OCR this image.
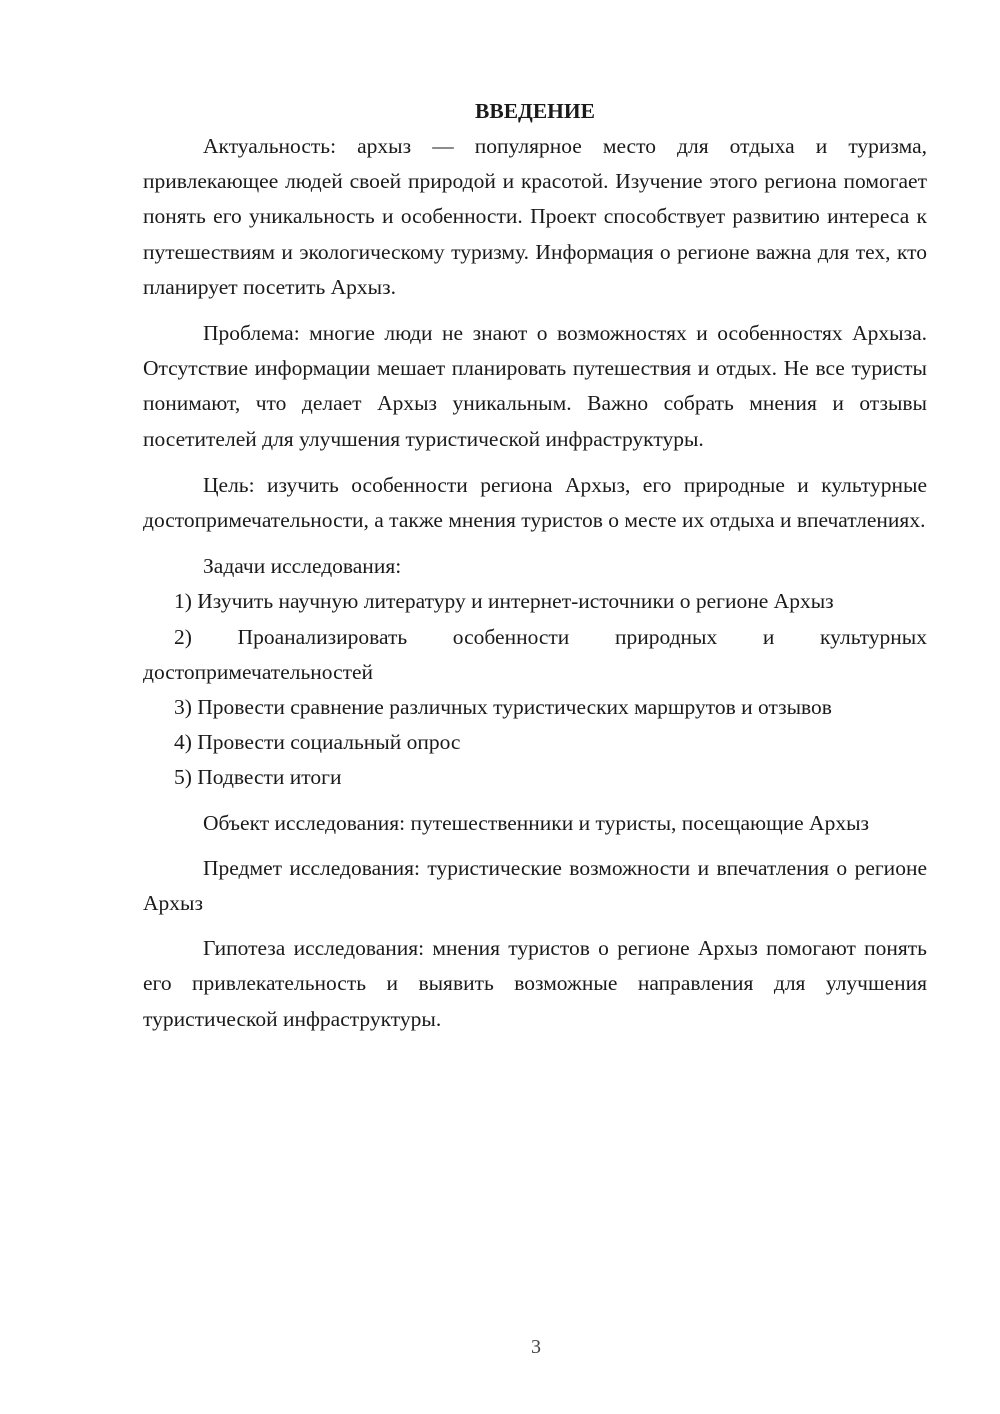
ВВЕДЕНИЕ

Актуальность: архыз — популярное место для отдыха и туризма, привлекающее людей своей природой и красотой. Изучение этого региона помогает понять его уникальность и особенности. Проект способствует развитию интереса к путешествиям и экологическому туризму. Информация о регионе важна для тех, кто планирует посетить Архыз.

Проблема: многие люди не знают о возможностях и особенностях Архыза. Отсутствие информации мешает планировать путешествия и отдых. Не все туристы понимают, что делает Архыз уникальным. Важно собрать мнения и отзывы посетителей для улучшения туристической инфраструктуры.

Цель: изучить особенности региона Архыз, его природные и культурные достопримечательности, а также мнения туристов о месте их отдыха и впечатлениях.

Задачи исследования:

1) Изучить научную литературу и интернет-источники о регионе Архыз

2) Проанализировать особенности природных и культурных достопримечательностей

3) Провести сравнение различных туристических маршрутов и отзывов

4) Провести социальный опрос

5) Подвести итоги

Объект исследования: путешественники и туристы, посещающие Архыз

Предмет исследования: туристические возможности и впечатления о регионе Архыз

Гипотеза исследования: мнения туристов о регионе Архыз помогают понять его привлекательность и выявить возможные направления для улучшения туристической инфраструктуры.

3
